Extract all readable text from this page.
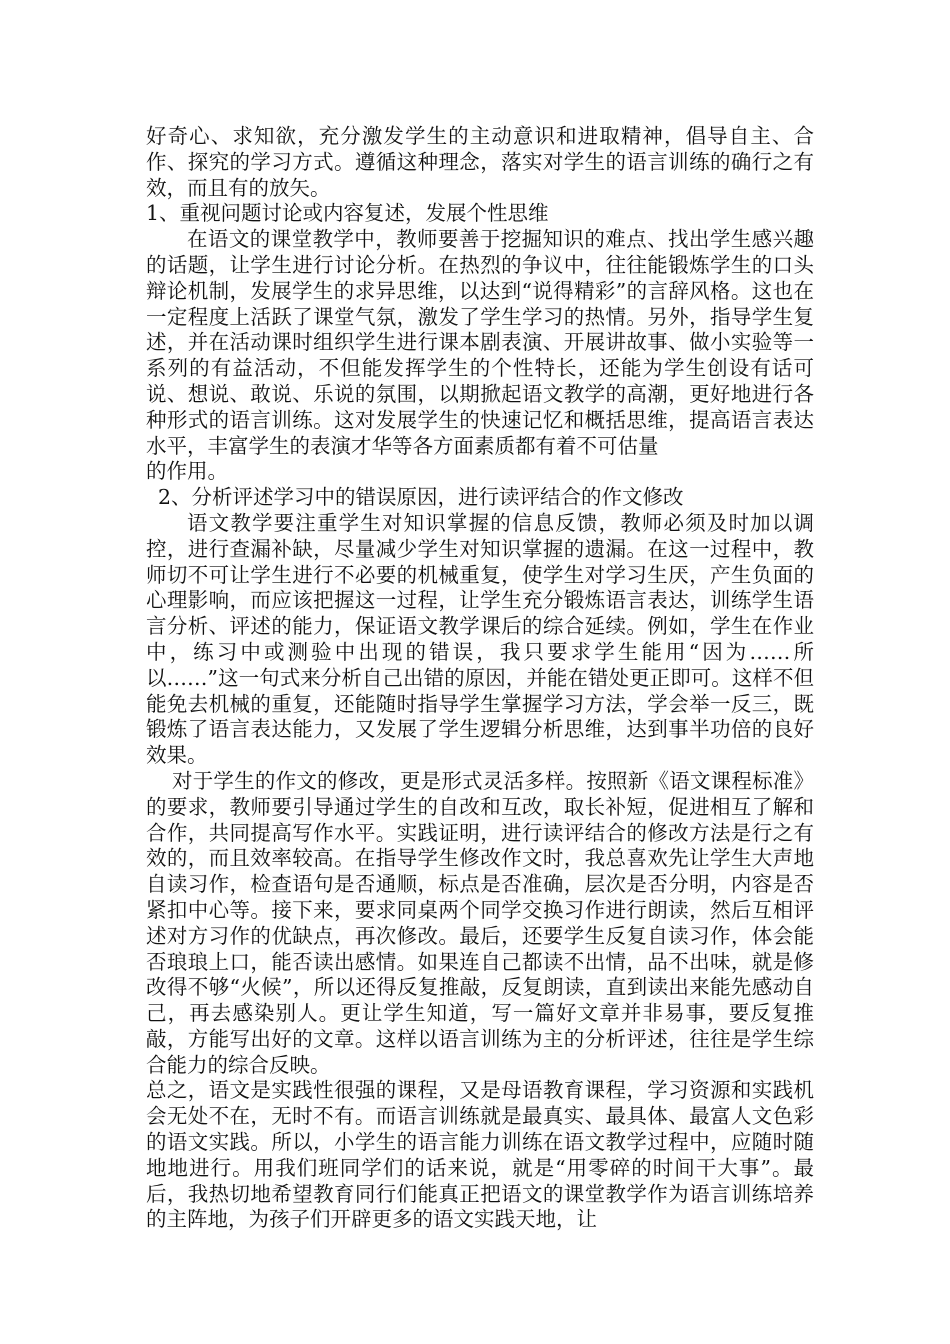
好奇心、求知欲，充分激发学生的主动意识和进取精神，倡导自主、合作、探究的学习方式。遵循这种理念，落实对学生的语言训练的确行之有效，而且有的放矢。

1、重视问题讨论或内容复述，发展个性思维

在语文的课堂教学中，教师要善于挖掘知识的难点、找出学生感兴趣的话题，让学生进行讨论分析。在热烈的争议中，往往能锻炼学生的口头辩论机制，发展学生的求异思维，以达到“说得精彩”的言辞风格。这也在一定程度上活跃了课堂气氛，激发了学生学习的热情。另外，指导学生复述，并在活动课时组织学生进行课本剧表演、开展讲故事、做小实验等一系列的有益活动，不但能发挥学生的个性特长，还能为学生创设有话可说、想说、敢说、乐说的氛围，以期掀起语文教学的高潮，更好地进行各种形式的语言训练。这对发展学生的快速记忆和概括思维，提高语言表达水平，丰富学生的表演才华等各方面素质都有着不可估量

的作用。

2、分析评述学习中的错误原因，进行读评结合的作文修改

语文教学要注重学生对知识掌握的信息反馈，教师必须及时加以调控，进行查漏补缺，尽量减少学生对知识掌握的遗漏。在这一过程中，教师切不可让学生进行不必要的机械重复，使学生对学习生厌，产生负面的心理影响，而应该把握这一过程，让学生充分锻炼语言表达，训练学生语言分析、评述的能力，保证语文教学课后的综合延续。例如，学生在作业中，练习中或测验中出现的错误，我只要求学生能用“因为……所以……”这一句式来分析自己出错的原因，并能在错处更正即可。这样不但能免去机械的重复，还能随时指导学生掌握学习方法，学会举一反三，既锻炼了语言表达能力，又发展了学生逻辑分析思维，达到事半功倍的良好效果。

对于学生的作文的修改，更是形式灵活多样。按照新《语文课程标准》的要求，教师要引导通过学生的自改和互改，取长补短，促进相互了解和合作，共同提高写作水平。实践证明，进行读评结合的修改方法是行之有效的，而且效率较高。在指导学生修改作文时，我总喜欢先让学生大声地自读习作，检查语句是否通顺，标点是否准确，层次是否分明，内容是否紧扣中心等。接下来，要求同桌两个同学交换习作进行朗读，然后互相评述对方习作的优缺点，再次修改。最后，还要学生反复自读习作，体会能否琅琅上口，能否读出感情。如果连自己都读不出情，品不出味，就是修改得不够“火候”，所以还得反复推敲，反复朗读，直到读出来能先感动自己，再去感染别人。更让学生知道，写一篇好文章并非易事，要反复推敲，方能写出好的文章。这样以语言训练为主的分析评述，往往是学生综合能力的综合反映。

总之，语文是实践性很强的课程，又是母语教育课程，学习资源和实践机会无处不在，无时不有。而语言训练就是最真实、最具体、最富人文色彩的语文实践。所以，小学生的语言能力训练在语文教学过程中，应随时随地地进行。用我们班同学们的话来说，就是“用零碎的时间干大事”。最后，我热切地希望教育同行们能真正把语文的课堂教学作为语言训练培养的主阵地，为孩子们开辟更多的语文实践天地，让
